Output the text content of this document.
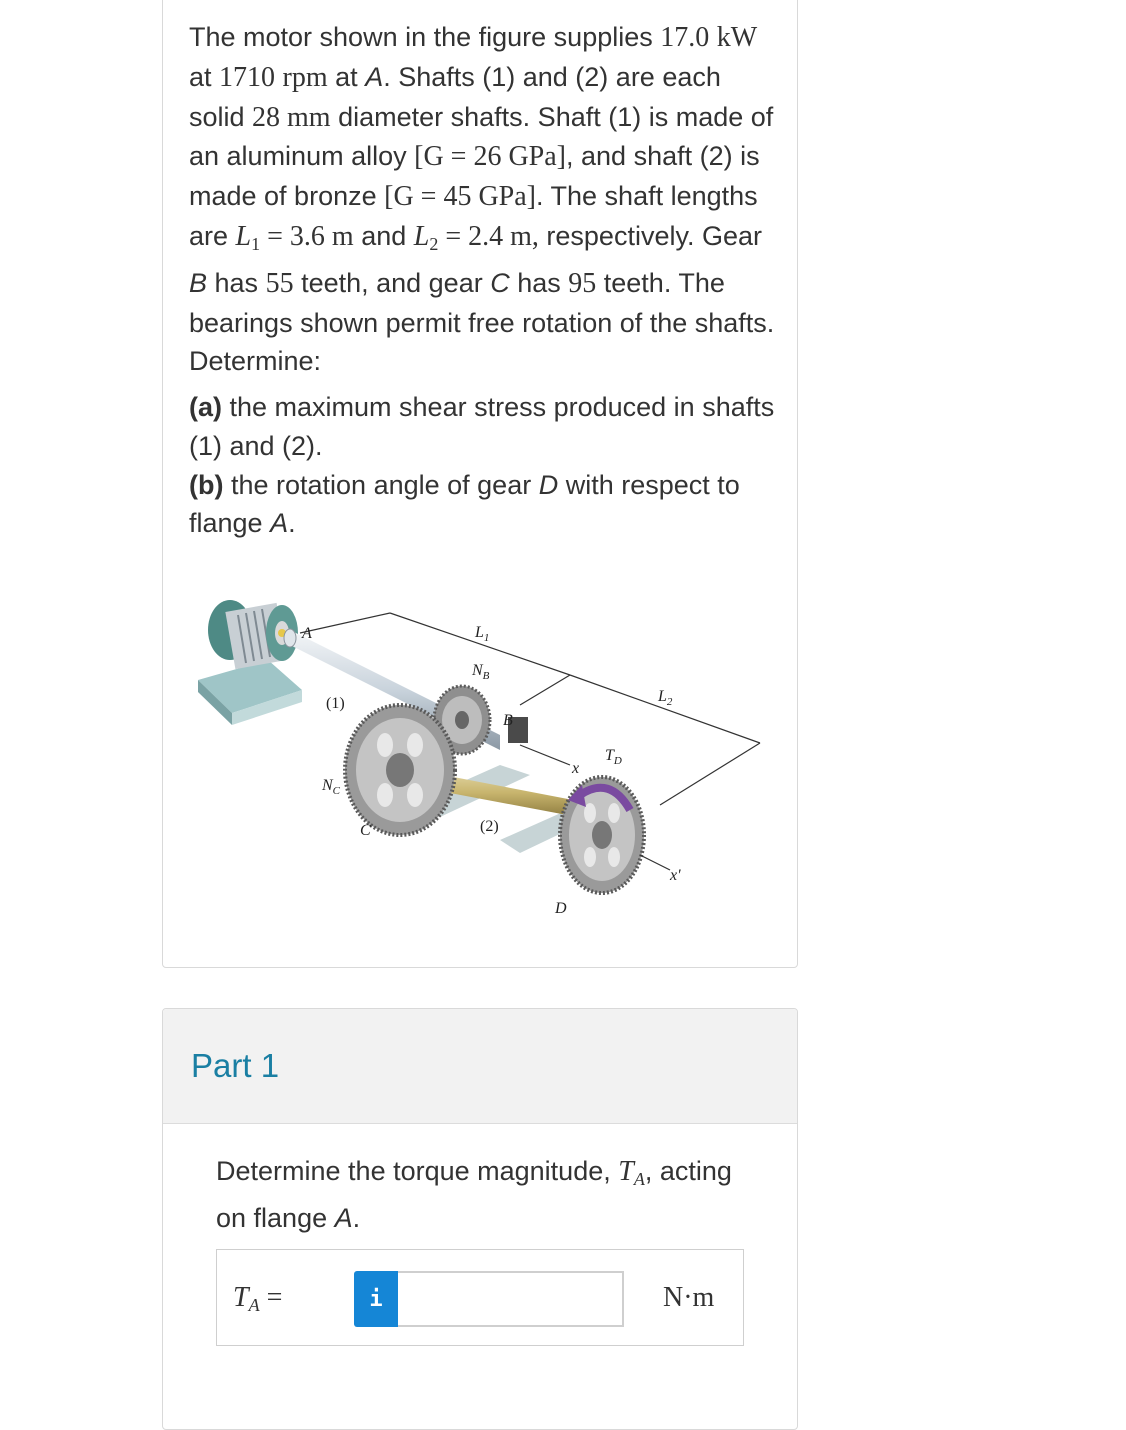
The motor shown in the figure supplies 17.0 kW at 1710 rpm at A. Shafts (1) and (2) are each solid 28 mm diameter shafts. Shaft (1) is made of an aluminum alloy [G = 26 GPa], and shaft (2) is made of bronze [G = 45 GPa]. The shaft lengths are $L_1 = 3.6$ m and $L_2 = 2.4$ m, respectively. Gear B has 55 teeth, and gear C has 95 teeth. The bearings shown permit free rotation of the shafts. Determine:

(a) the maximum shear stress produced in shafts (1) and (2).

(b) the rotation angle of gear D with respect to flange A.

A	$L_1$
$N_B$
$L_2$
B
$T_D$
x
$N_C$
C
x'
D
(1)
(2)
Part 1
Determine the torque magnitude, $T_A$, acting on flange A.
$T_A$ =	i	N·m
